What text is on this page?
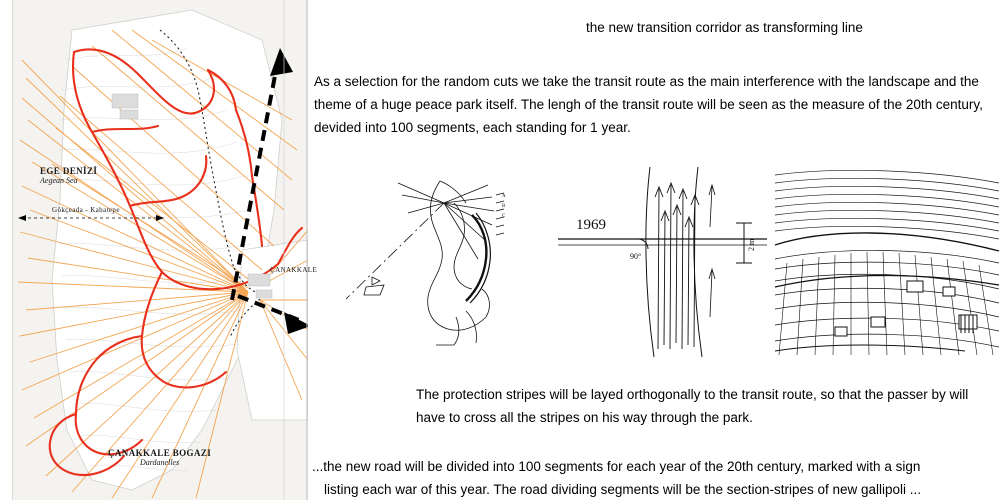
EGE DENİZİ
Aegean Sea
ÇANAKKALE BOGAZI
Dardanelles
Gökçeada - Kabatepe
ÇANAKKALE
the new transition corridor as transforming line
As a selection for the random cuts we take the transit route as the main interference with the landscape and the theme of a huge peace park itself. The lengh of the transit route will be seen as the measure of the 20th century, devided into 100 segments, each standing for 1 year.
A
B
C
1969
90°
2 m
The protection stripes will be layed orthogonally to the transit route, so that the passer by will have to cross all the stripes on his way through the park.
...the new road will be divided into 100 segments for each year of the 20th century, marked with a sign
listing each war of this year. The road dividing segments will be the section-stripes of new gallipoli ...
